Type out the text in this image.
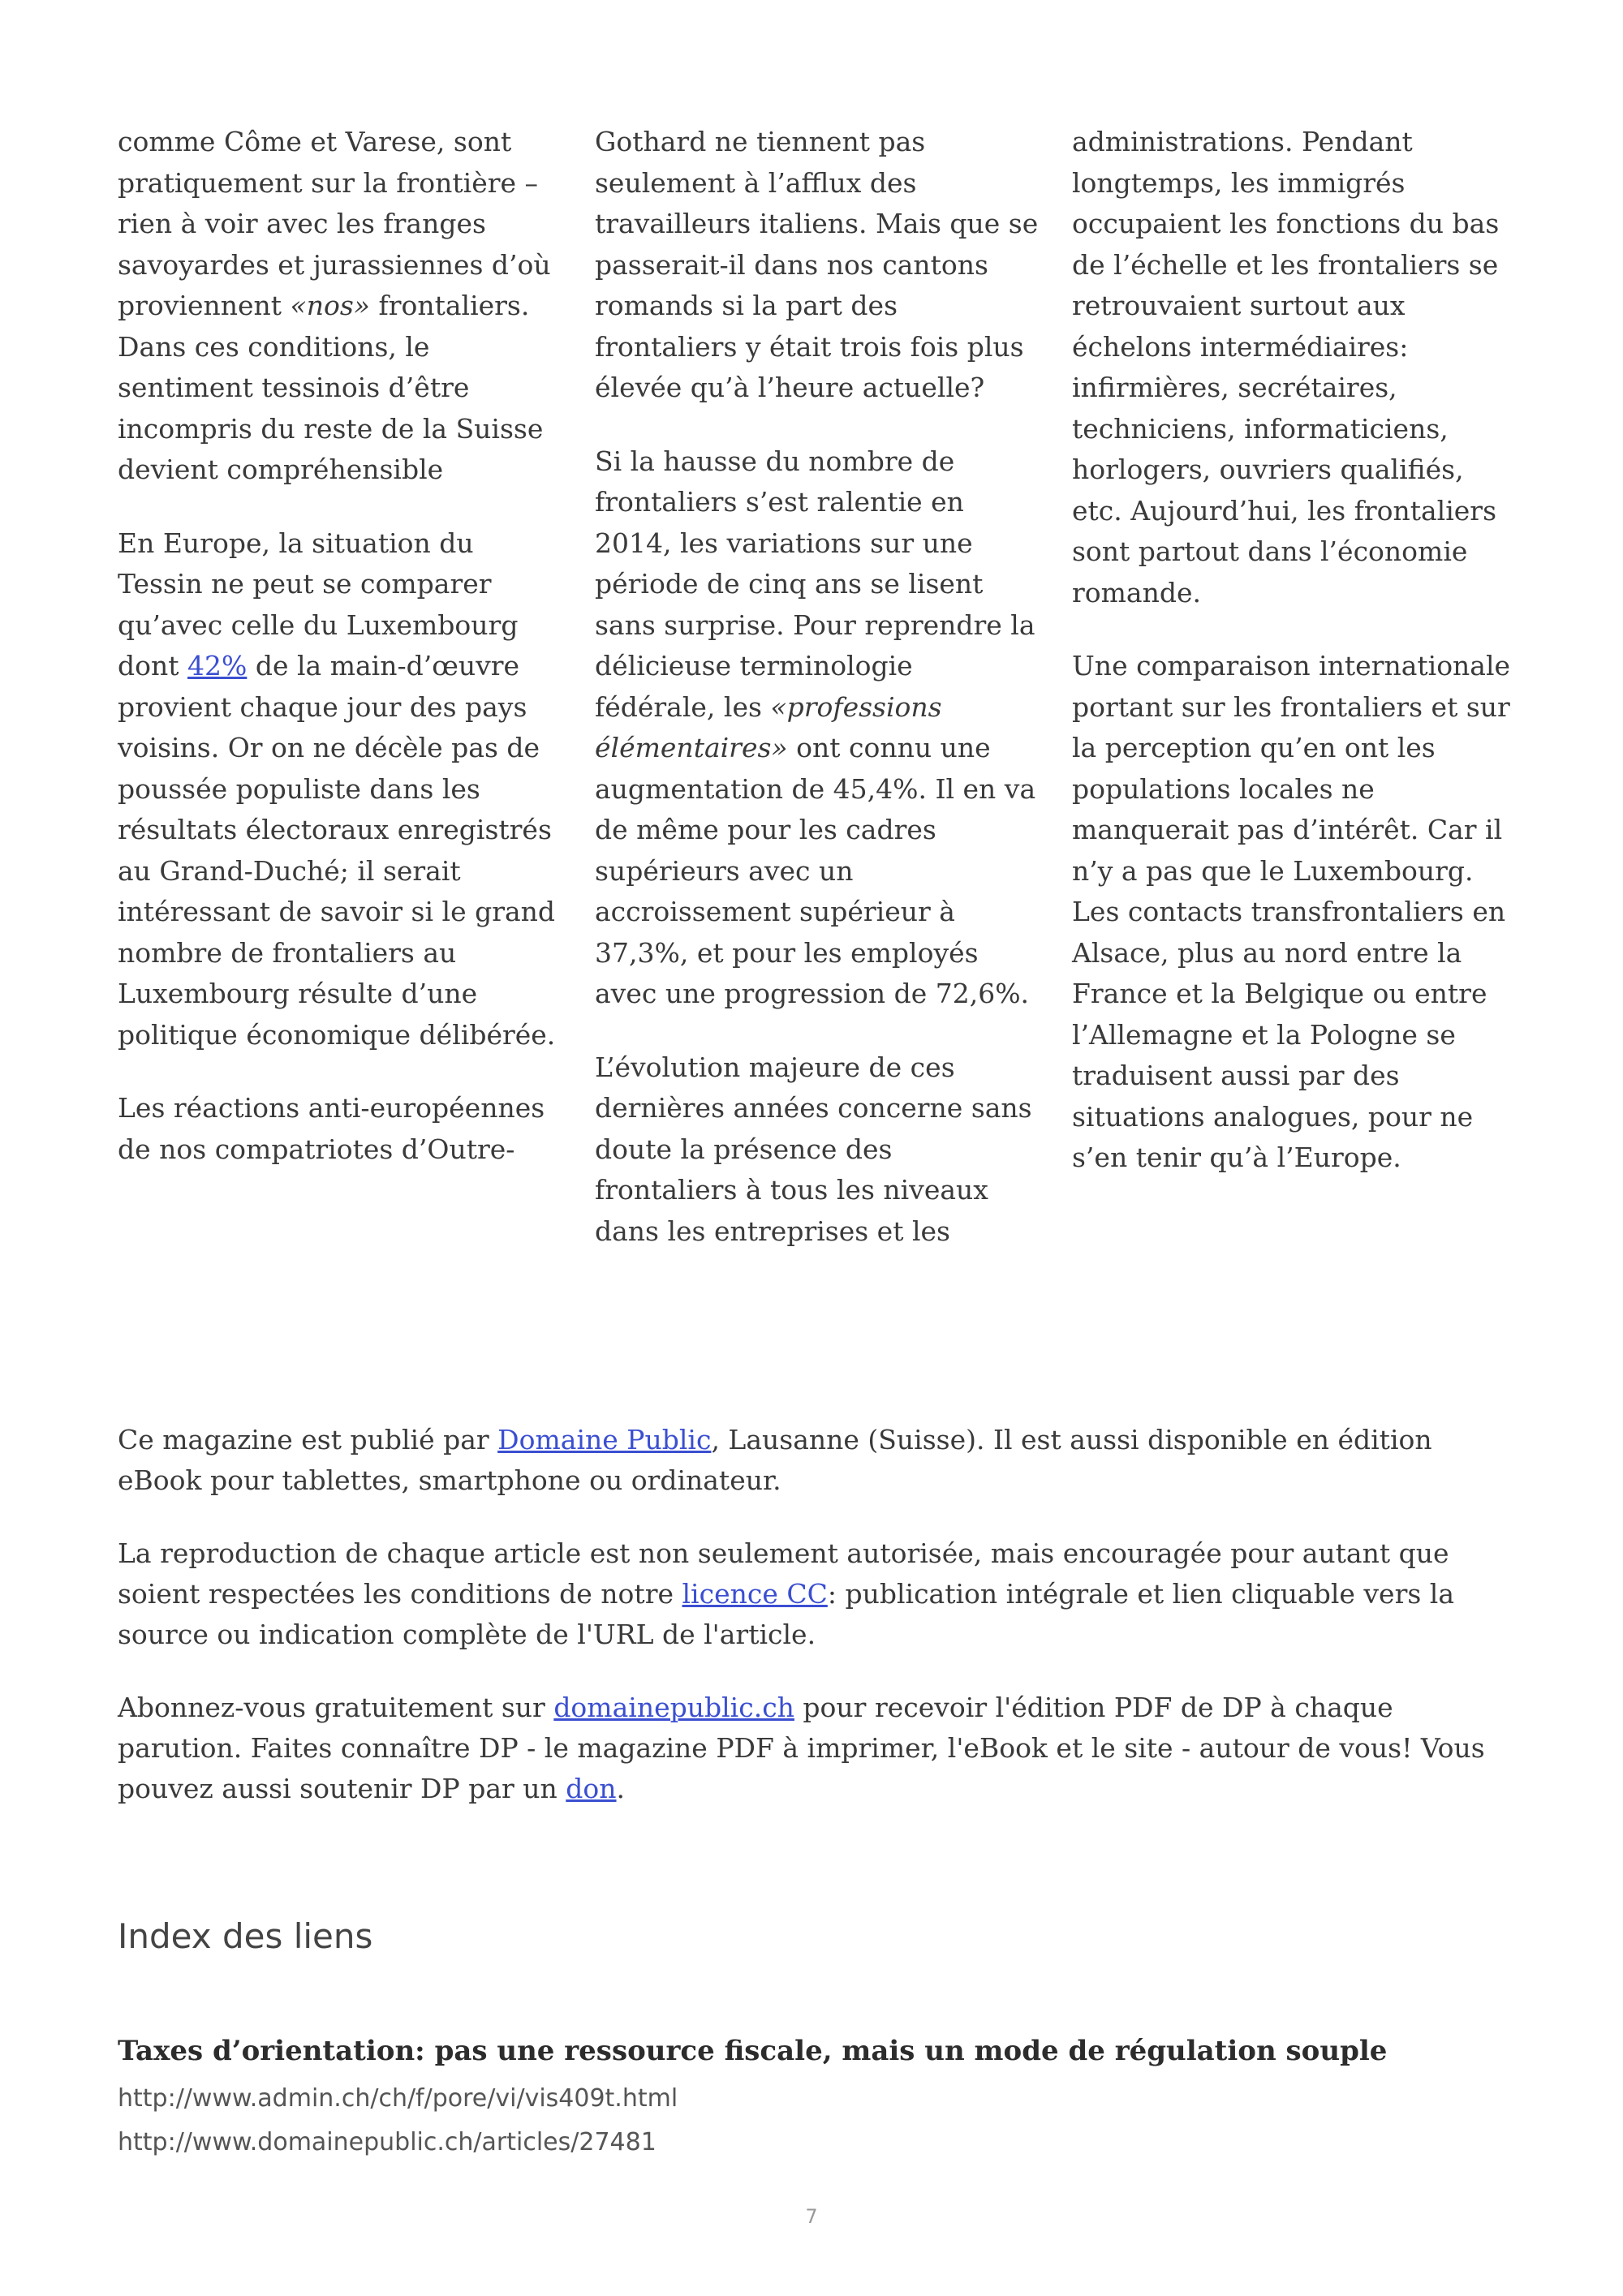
comme Côme et Varese, sont pratiquement sur la frontière – rien à voir avec les franges savoyardes et jurassiennes d’où proviennent «nos» frontaliers. Dans ces conditions, le sentiment tessinois d’être incompris du reste de la Suisse devient compréhensible

En Europe, la situation du Tessin ne peut se comparer qu’avec celle du Luxembourg dont 42% de la main-d’œuvre provient chaque jour des pays voisins. Or on ne décèle pas de poussée populiste dans les résultats électoraux enregistrés au Grand-Duché; il serait intéressant de savoir si le grand nombre de frontaliers au Luxembourg résulte d’une politique économique délibérée.

Les réactions anti-européennes de nos compatriotes d’Outre-

Gothard ne tiennent pas seulement à l’afflux des travailleurs italiens. Mais que se passerait-il dans nos cantons romands si la part des frontaliers y était trois fois plus élevée qu’à l’heure actuelle?

Si la hausse du nombre de frontaliers s’est ralentie en 2014, les variations sur une période de cinq ans se lisent sans surprise. Pour reprendre la délicieuse terminologie fédérale, les «professions élémentaires» ont connu une augmentation de 45,4%. Il en va de même pour les cadres supérieurs avec un accroissement supérieur à 37,3%, et pour les employés avec une progression de 72,6%.

L’évolution majeure de ces dernières années concerne sans doute la présence des frontaliers à tous les niveaux dans les entreprises et les

administrations. Pendant longtemps, les immigrés occupaient les fonctions du bas de l’échelle et les frontaliers se retrouvaient surtout aux échelons intermédiaires: infirmières, secrétaires, techniciens, informaticiens, horlogers, ouvriers qualifiés, etc. Aujourd’hui, les frontaliers sont partout dans l’économie romande.

Une comparaison internationale portant sur les frontaliers et sur la perception qu’en ont les populations locales ne manquerait pas d’intérêt. Car il n’y a pas que le Luxembourg. Les contacts transfrontaliers en Alsace, plus au nord entre la France et la Belgique ou entre l’Allemagne et la Pologne se traduisent aussi par des situations analogues, pour ne s’en tenir qu’à l’Europe.

Ce magazine est publié par Domaine Public, Lausanne (Suisse). Il est aussi disponible en édition eBook pour tablettes, smartphone ou ordinateur.

La reproduction de chaque article est non seulement autorisée, mais encouragée pour autant que soient respectées les conditions de notre licence CC: publication intégrale et lien cliquable vers la source ou indication complète de l'URL de l'article.

Abonnez-vous gratuitement sur domainepublic.ch pour recevoir l'édition PDF de DP à chaque parution. Faites connaître DP - le magazine PDF à imprimer, l'eBook et le site - autour de vous! Vous pouvez aussi soutenir DP par un don.

Index des liens
Taxes d’orientation: pas une ressource fiscale, mais un mode de régulation souple
http://www.admin.ch/ch/f/pore/vi/vis409t.html
http://www.domainepublic.ch/articles/27481
7
